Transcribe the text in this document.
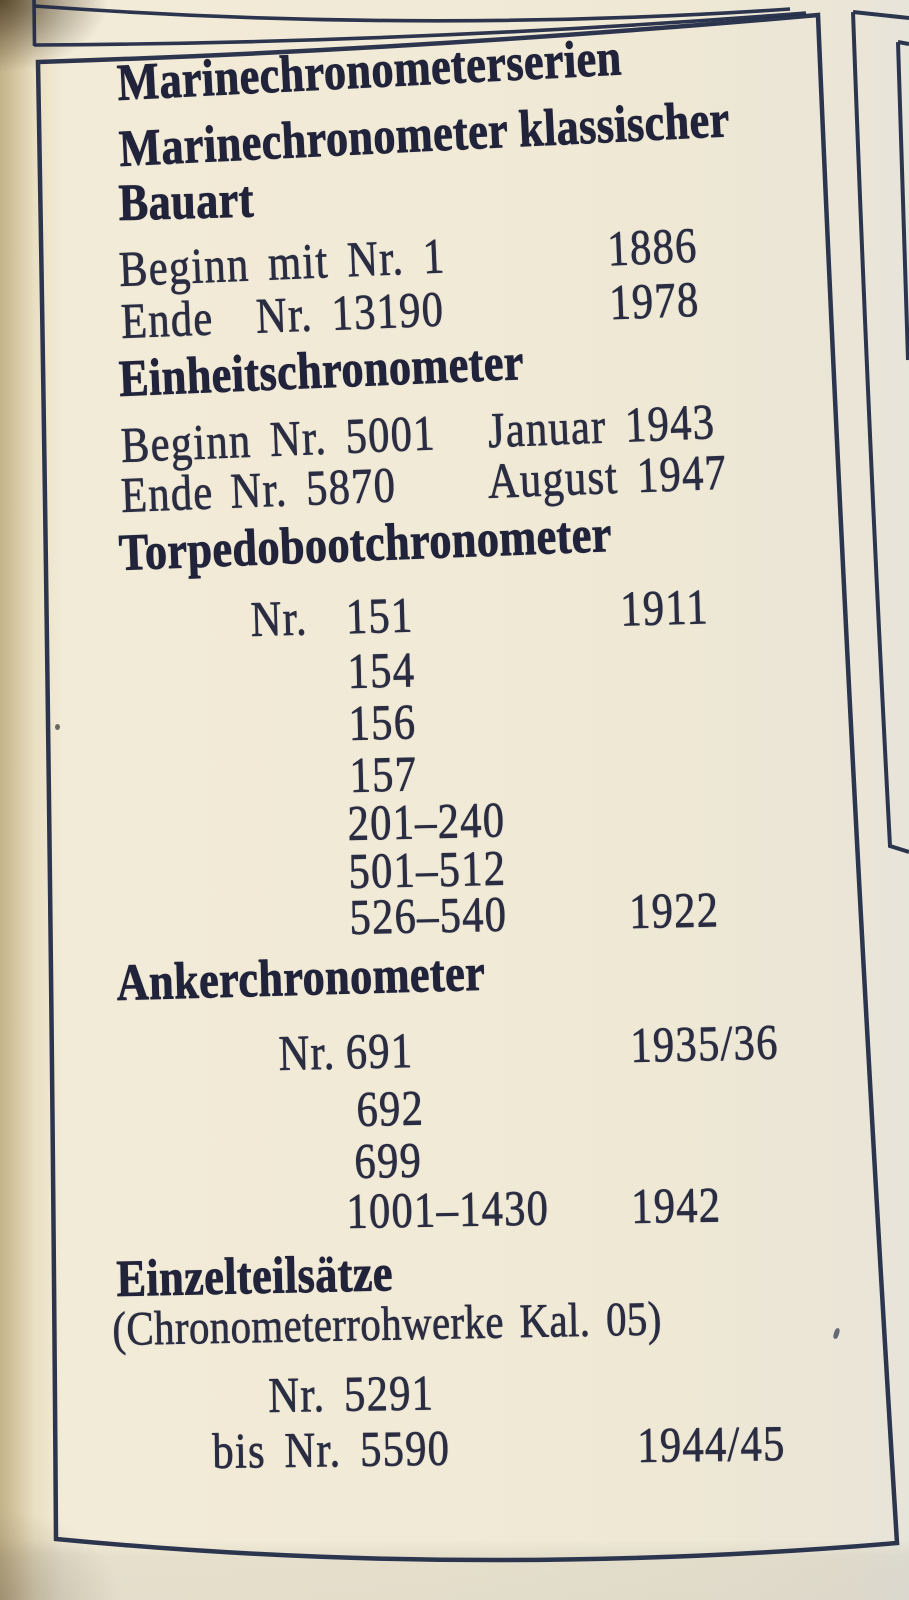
Marinechronometerserien
Marinechronometer klassischer
Bauart
Beginn mit Nr. 1	1886
Ende Nr. 13190	1978
Einheitschronometer
Beginn Nr. 5001 Januar 1943
Ende Nr. 5870 August 1947
Torpedobootchronometer
Nr. 151	1911
154
156
157
201–240
501–512
526–540 1922
Ankerchronometer
Nr. 691	1935/36
692
699
1001–1430 1942
Einzelteilsätze
(Chronometerrohwerke Kal. 05)
Nr. 5291
bis Nr. 5590	1944/45
